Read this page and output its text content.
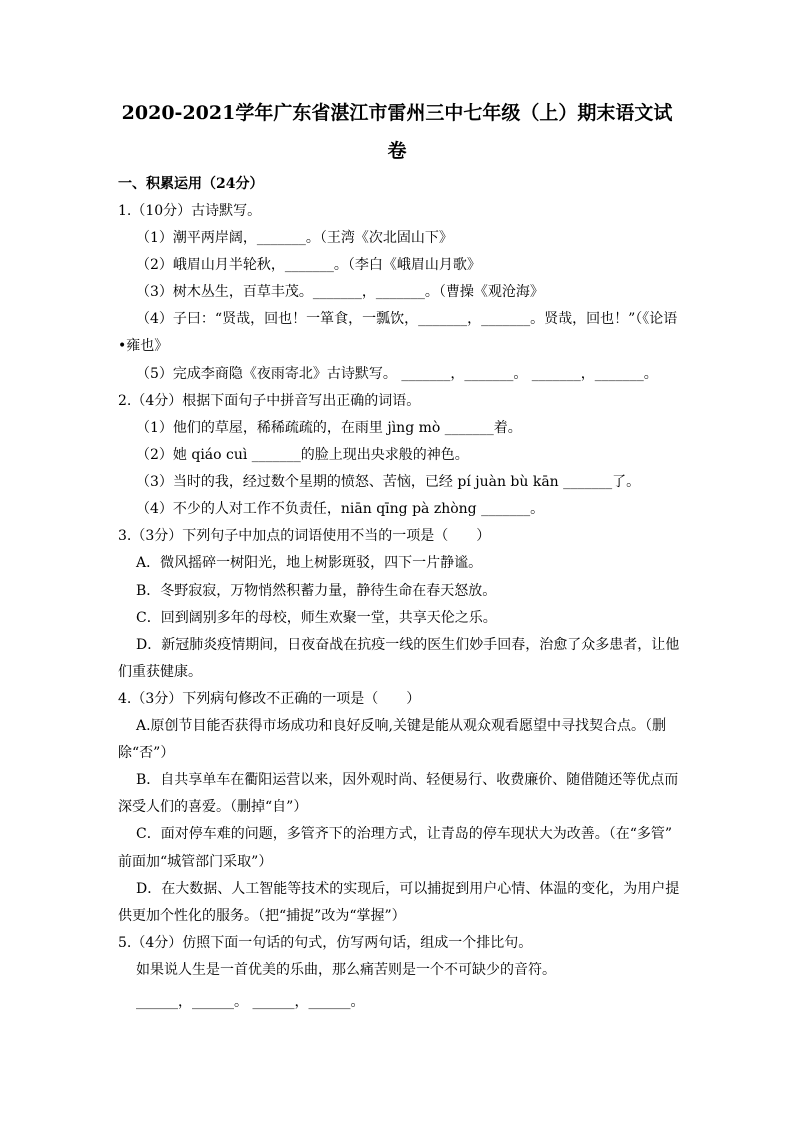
2020-2021学年广东省湛江市雷州三中七年级（上）期末语文试
卷
一、积累运用（24分）
1.（10分）古诗默写。
（1）潮平两岸阔，_______。（王湾《次北固山下》
（2）峨眉山月半轮秋，_______。（李白《峨眉山月歌》
（3）树木丛生，百草丰茂。_______，_______。（曹操《观沧海》
（4）子曰：“贤哉，回也！一箪食，一瓢饮，_______，_______。贤哉，回也！”（《论语
•雍也》
（5）完成李商隐《夜雨寄北》古诗默写。 _______，_______。 _______，_______。
2.（4分）根据下面句子中拼音写出正确的词语。
（1）他们的草屋，稀稀疏疏的，在雨里 jìng mò _______着。
（2）她 qiáo cuì _______的脸上现出央求般的神色。
（3）当时的我，经过数个星期的愤怒、苦恼，已经 pí juàn bù kān _______了。
（4）不少的人对工作不负责任，niān qīng pà zhòng _______。
3.（3分）下列句子中加点的词语使用不当的一项是（　　）
A．微风摇碎一树阳光，地上树影斑驳，四下一片静谧。
B．冬野寂寂，万物悄然积蓄力量，静待生命在春天怒放。
C．回到阔别多年的母校，师生欢聚一堂，共享天伦之乐。
D．新冠肺炎疫情期间，日夜奋战在抗疫一线的医生们妙手回春，治愈了众多患者，让他
们重获健康。
4.（3分）下列病句修改不正确的一项是（　　）
A.原创节目能否获得市场成功和良好反响,关键是能从观众观看愿望中寻找契合点。（删
除“否”）
B．自共享单车在衢阳运营以来，因外观时尚、轻便易行、收费廉价、随借随还等优点而
深受人们的喜爱。（删掉“自”）
C．面对停车难的问题，多管齐下的治理方式，让青岛的停车现状大为改善。（在“多管”
前面加“城管部门采取”）
D．在大数据、人工智能等技术的实现后，可以捕捉到用户心情、体温的变化，为用户提
供更加个性化的服务。（把“捕捉”改为“掌握”）
5.（4分）仿照下面一句话的句式，仿写两句话，组成一个排比句。
如果说人生是一首优美的乐曲，那么痛苦则是一个不可缺少的音符。
______，______。 ______，______。
